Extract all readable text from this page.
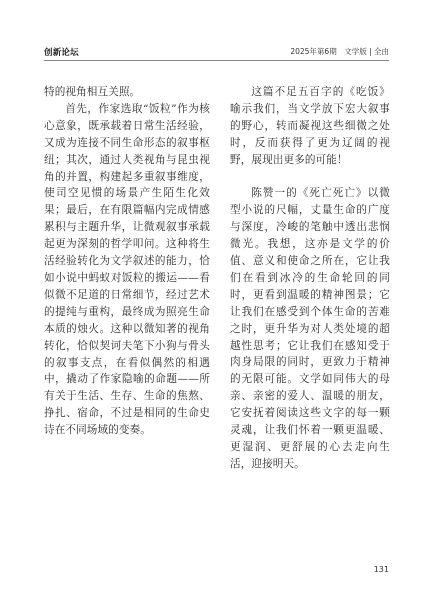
创新论坛	2025年第6期　文学版 | 全由

特的视角相互关照。

首先，作家选取“饭粒”作为核心意象，既承载着日常生活经验，又成为连接不同生命形态的叙事枢纽；其次，通过人类视角与昆虫视角的并置，构建起多重叙事维度，使司空见惯的场景产生陌生化效果；最后，在有限篇幅内完成情感累积与主题升华，让微观叙事承载起更为深刻的哲学叩问。这种将生活经验转化为文学叙述的能力，恰如小说中蚂蚁对饭粒的搬运——看似微不足道的日常细节，经过艺术的提纯与重构，最终成为照亮生命本质的烛火。这种以微知著的视角转化，恰似契诃夫笔下小狗与骨头的叙事支点，在看似偶然的相遇中，撬动了作家隐喻的命题——所有关于生活、生存、生命的焦熬、挣扎、宿命，不过是相同的生命史诗在不同场域的变奏。

这篇不足五百字的《吃饭》喻示我们，当文学放下宏大叙事的野心，转而凝视这些细微之处时，反而获得了更为辽阔的视野，展现出更多的可能！

陈赞一的《死亡死亡》以微型小说的尺幅，丈量生命的广度与深度，冷峻的笔触中透出悲悯微光。我想，这亦是文学的价值、意义和使命之所在，它让我们在看到冰冷的生命轮回的同时，更看到温暖的精神图景；它让我们在感受到个体生命的苦难之时，更升华为对人类处境的超越性思考；它让我们在感知受于肉身局限的同时，更致力于精神的无限可能。文学如同伟大的母亲、亲密的爱人、温暖的朋友，它安抚着阅读这些文字的每一颗灵魂，让我们怀着一颗更温暖、更湿润、更舒展的心去走向生活，迎接明天。

131
